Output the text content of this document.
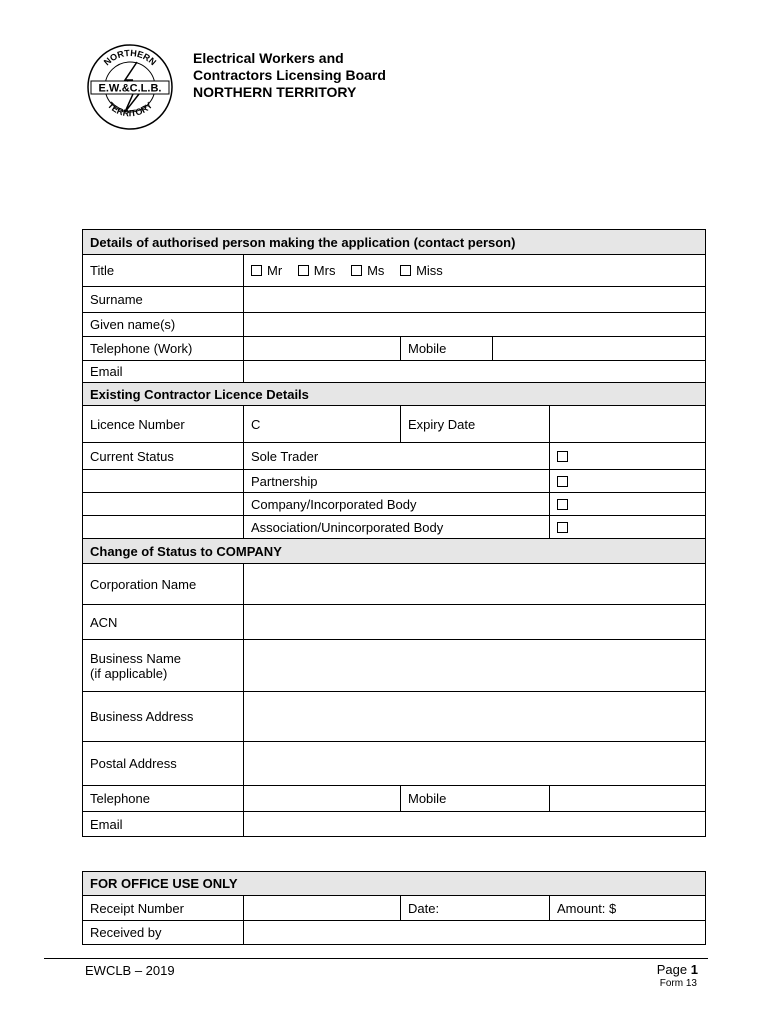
NORTHERN
TERRITORY
E.W.&C.L.B.
Electrical Workers and
Contractors Licensing Board
NORTHERN TERRITORY
Details of authorised person making the application (contact person)				
Title	Mr Mrs Ms Miss			
Surname				
Given name(s)				
Telephone (Work)		Mobile		
Email				
Existing Contractor Licence Details				
Licence Number	C	Expiry Date		
Current Status	Sole Trader			
	Partnership			
	Company/Incorporated Body			
	Association/Unincorporated Body			
Change of Status to COMPANY				
Corporation Name				
ACN				

Business Name
(if applicable)				

Business Address				
Postal Address				
Telephone		Mobile		
Email				
FOR OFFICE USE ONLY			
Receipt Number		Date:	Amount: $
Received by			
EWCLB – 2019	Page 1
Form 13
